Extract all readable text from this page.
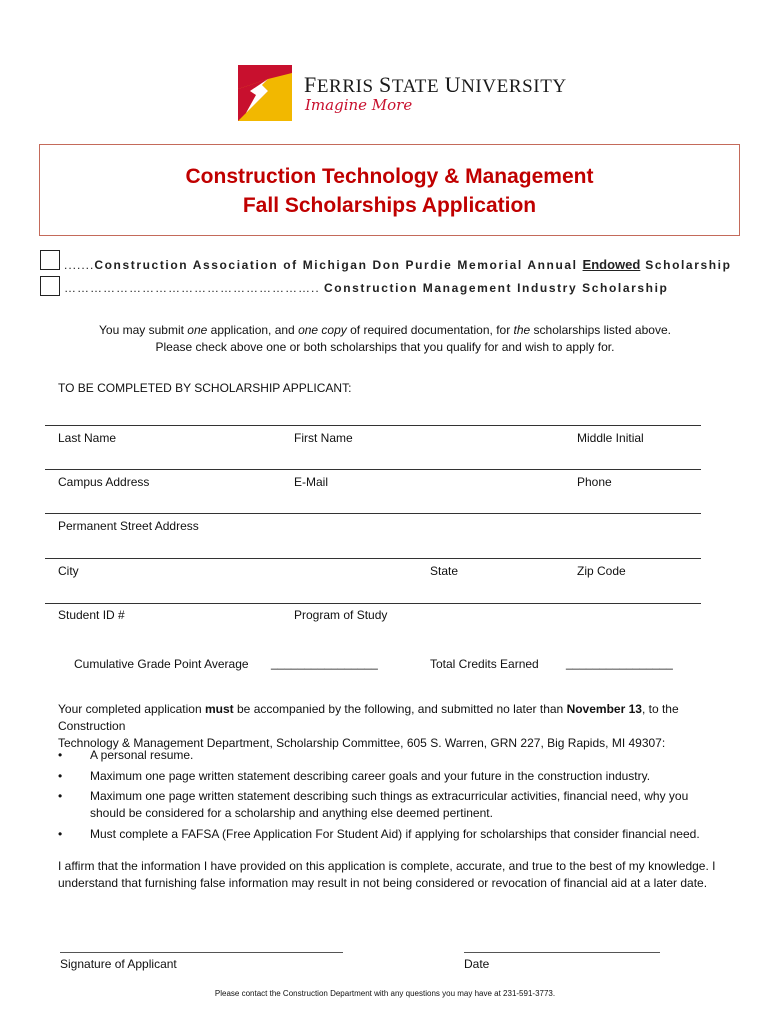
FERRIS STATE UNIVERSITY
Imagine More
Construction Technology & Management
Fall Scholarships Application
.......Construction Association of Michigan Don Purdie Memorial Annual Endowed Scholarship
………………………………………………….. Construction Management Industry Scholarship
You may submit one application, and one copy of required documentation, for the scholarships listed above.
Please check above one or both scholarships that you qualify for and wish to apply for.
TO BE COMPLETED BY SCHOLARSHIP APPLICANT:
Last Name	First Name	Middle Initial
Campus Address	E-Mail	Phone
Permanent Street Address
City	State	Zip Code
Student ID #	Program of Study
Cumulative Grade Point Average ________________	Total Credits Earned ________________
Your completed application must be accompanied by the following, and submitted no later than November 13, to the Construction
Technology & Management Department, Scholarship Committee, 605 S. Warren, GRN 227, Big Rapids, MI 49307:
• A personal resume.
• Maximum one page written statement describing career goals and your future in the construction industry.
• Maximum one page written statement describing such things as extracurricular activities, financial need, why you should be considered for a scholarship and anything else deemed pertinent.
• Must complete a FAFSA (Free Application For Student Aid) if applying for scholarships that consider financial need.
I affirm that the information I have provided on this application is complete, accurate, and true to the best of my knowledge. I
understand that furnishing false information may result in not being considered or revocation of financial aid at a later date.
Signature of Applicant	Date
Please contact the Construction Department with any questions you may have at 231-591-3773.
